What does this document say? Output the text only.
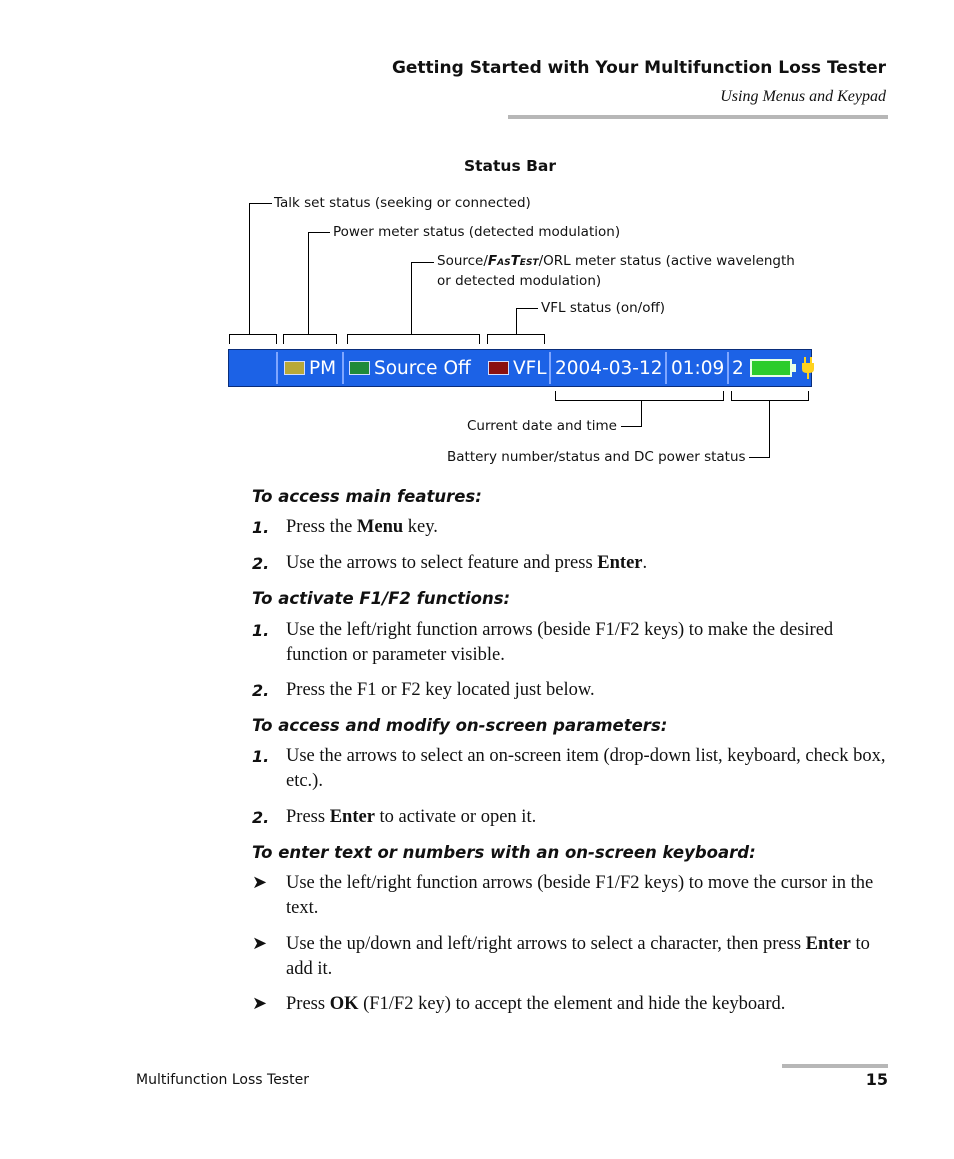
Getting Started with Your Multifunction Loss Tester
Using Menus and Keypad
Status Bar
Talk set status (seeking or connected)
Power meter status (detected modulation)
Source/FasTest/ORL meter status (active wavelength
or detected modulation)
VFL status (on/off)
Current date and time
Battery number/status and DC power status
PM Source
Off VFL 2004-03-12 01:09 2
To access main features:
1. Press the Menu key.
2. Use the arrows to select feature and press Enter.
To activate F1/F2 functions:
1. Use the left/right function arrows (beside F1/F2 keys) to make the desired function or parameter visible.
2. Press the F1 or F2 key located just below.
To access and modify on-screen parameters:
1. Use the arrows to select an on-screen item (drop-down list, keyboard, check box, etc.).
2. Press Enter to activate or open it.
To enter text or numbers with an on-screen keyboard:
➤ Use the left/right function arrows (beside F1/F2 keys) to move the cursor in the text.
➤ Use the up/down and left/right arrows to select a character, then press Enter to add it.
➤ Press OK (F1/F2 key) to accept the element and hide the keyboard.
Multifunction Loss Tester	15
